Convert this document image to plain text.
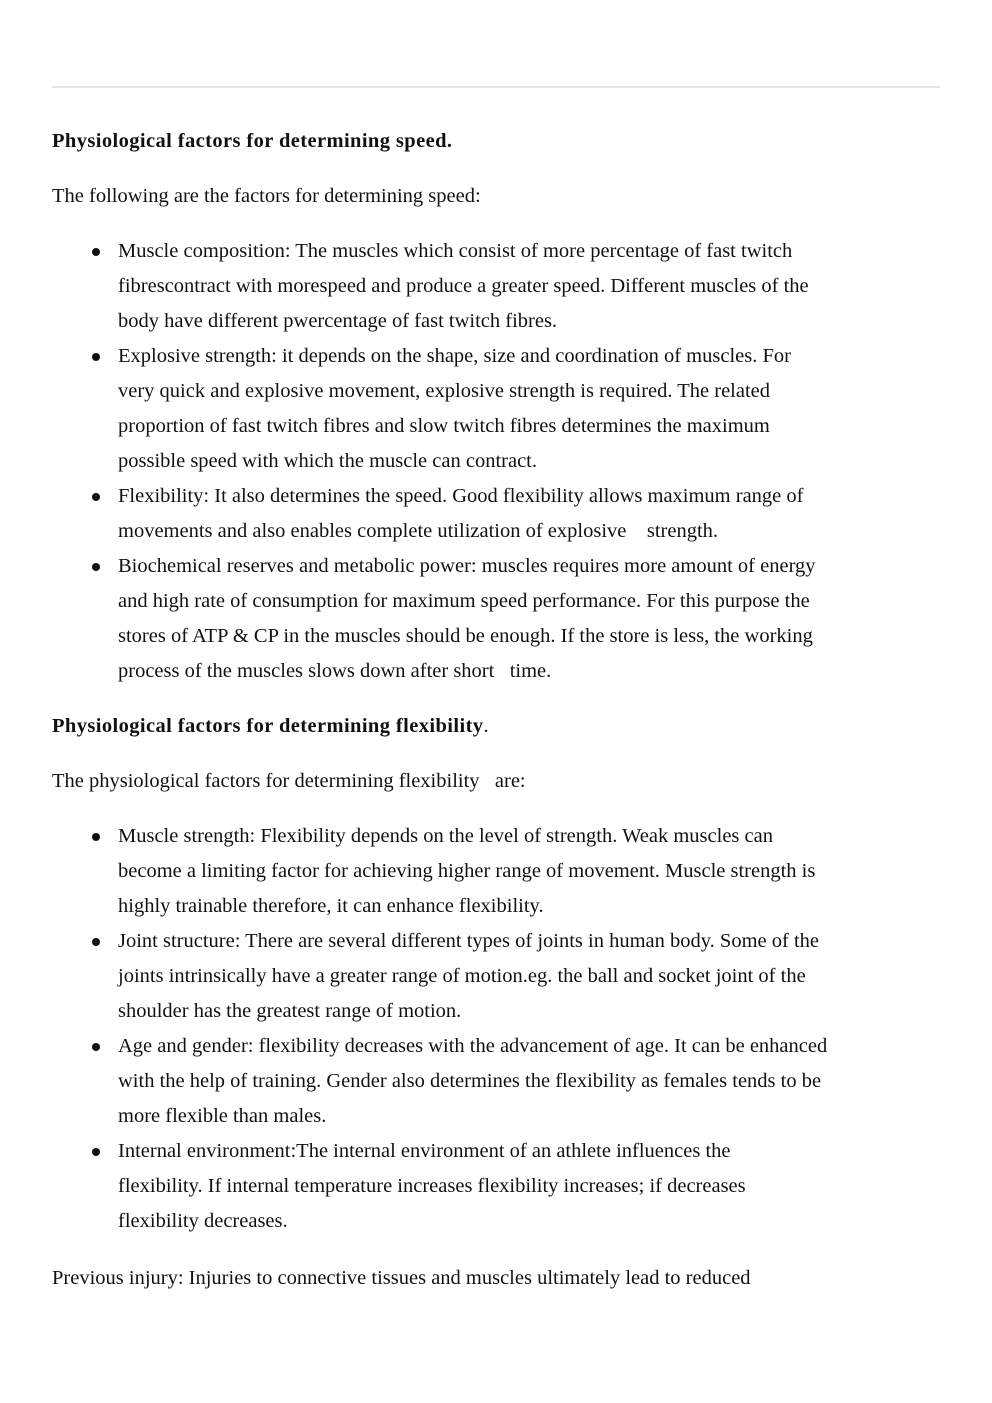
Physiological factors for determining speed.
The following are the factors for determining speed:
Muscle composition: The muscles which consist of more percentage of fast twitch
fibrescontract with morespeed and produce a greater speed. Different muscles of the
body have different pwercentage of fast twitch fibres.
Explosive strength: it depends on the shape, size and coordination of muscles. For
very quick and explosive movement, explosive strength is required. The related
proportion of fast twitch fibres and slow twitch fibres determines the maximum
possible speed with which the muscle can contract.
Flexibility: It also determines the speed. Good flexibility allows maximum range of
movements and also enables complete utilization of explosive    strength.
Biochemical reserves and metabolic power: muscles requires more amount of energy
and high rate of consumption for maximum speed performance. For this purpose the
stores of ATP & CP in the muscles should be enough. If the store is less, the working
process of the muscles slows down after short   time.
Physiological factors for determining flexibility.
The physiological factors for determining flexibility   are:
Muscle strength: Flexibility depends on the level of strength. Weak muscles can
become a limiting factor for achieving higher range of movement. Muscle strength is
highly trainable therefore, it can enhance flexibility.
Joint structure: There are several different types of joints in human body. Some of the
joints intrinsically have a greater range of motion.eg. the ball and socket joint of the
shoulder has the greatest range of motion.
Age and gender: flexibility decreases with the advancement of age. It can be enhanced
with the help of training. Gender also determines the flexibility as females tends to be
more flexible than males.
Internal environment:The internal environment of an athlete influences the
flexibility. If internal temperature increases flexibility increases; if decreases
flexibility decreases.
Previous injury: Injuries to connective tissues and muscles ultimately lead to reduced
